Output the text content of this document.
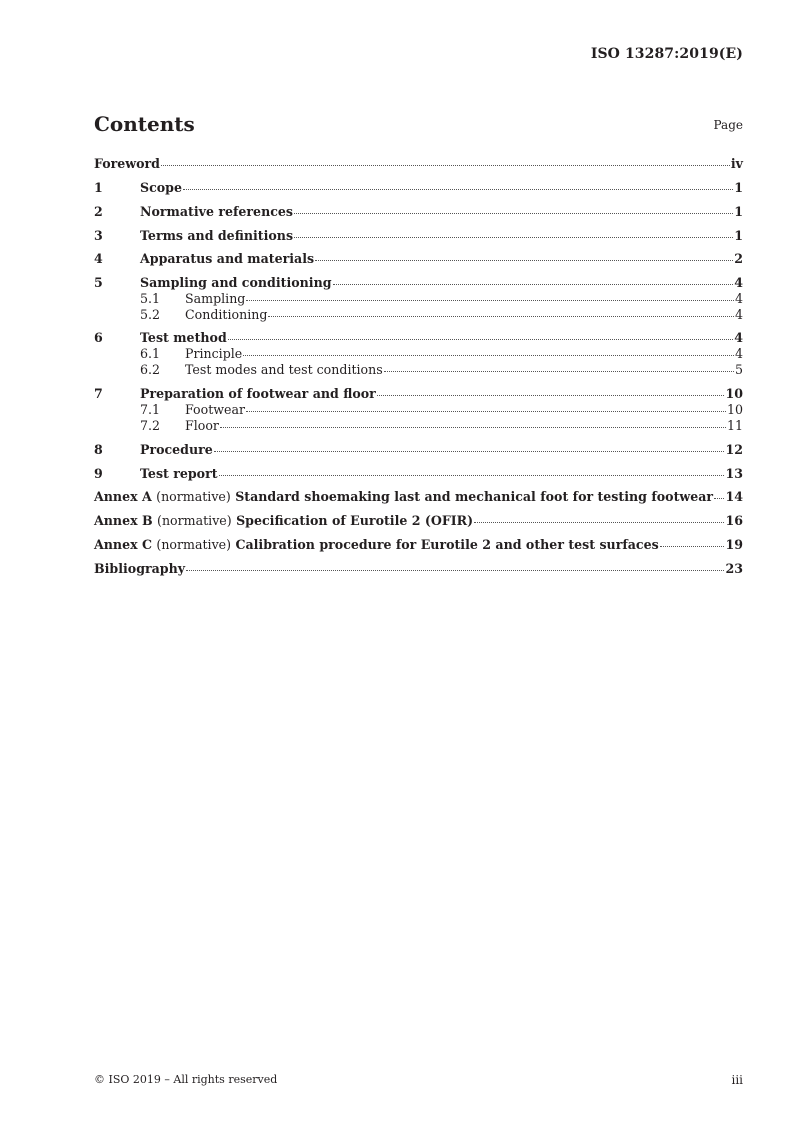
ISO 13287:2019(E)
Contents	Page
Foreword	iv
1	Scope	1
2	Normative references	1
3	Terms and definitions	1
4	Apparatus and materials	2
5	Sampling and conditioning	4
5.1	Sampling	4
5.2	Conditioning	4
6	Test method	4
6.1	Principle	4
6.2	Test modes and test conditions	5
7	Preparation of footwear and floor	10
7.1	Footwear	10
7.2	Floor	11
8	Procedure	12
9	Test report	13
Annex A (normative) Standard shoemaking last and mechanical foot for testing footwear 14
Annex B (normative) Specification of Eurotile 2 (OFIR)	16
Annex C (normative) Calibration procedure for Eurotile 2 and other test surfaces	19
Bibliography	23
© ISO 2019 – All rights reserved	iii
